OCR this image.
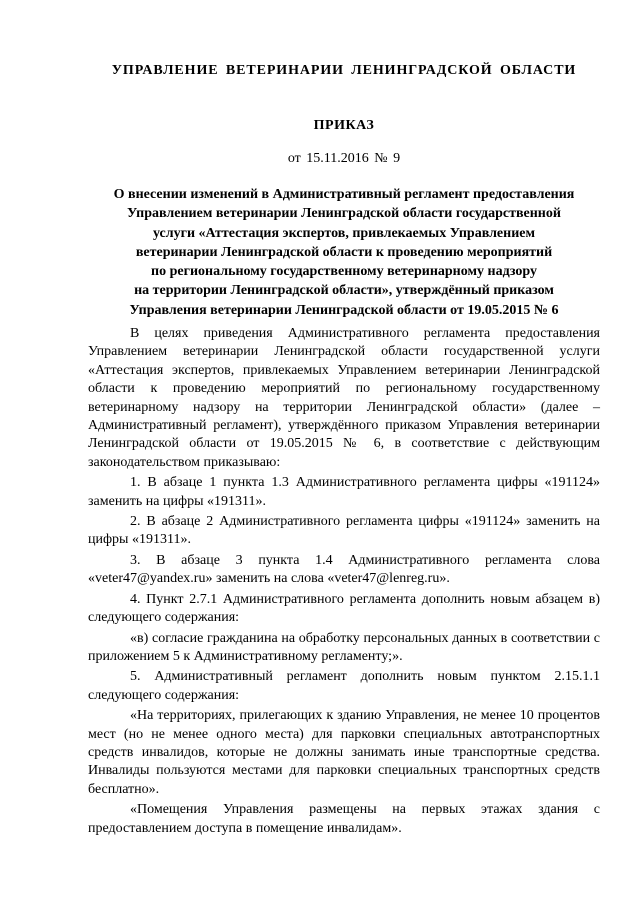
УПРАВЛЕНИЕ ВЕТЕРИНАРИИ ЛЕНИНГРАДСКОЙ ОБЛАСТИ
ПРИКАЗ
от 15.11.2016 № 9
О внесении изменений в Административный регламент предоставления
Управлением ветеринарии Ленинградской области государственной
услуги «Аттестация экспертов, привлекаемых Управлением
ветеринарии Ленинградской области к проведению мероприятий
по региональному государственному ветеринарному надзору
на территории Ленинградской области», утверждённый приказом
Управления ветеринарии Ленинградской области от 19.05.2015 № 6

В целях приведения Административного регламента предоставления Управлением ветеринарии Ленинградской области государственной услуги «Аттестация экспертов, привлекаемых Управлением ветеринарии Ленинградской области к проведению мероприятий по региональному государственному ветеринарному надзору на территории Ленинградской области» (далее – Административный регламент), утверждённого приказом Управления ветеринарии Ленинградской области от 19.05.2015 № 6, в соответствие с действующим законодательством приказываю:

1. В абзаце 1 пункта 1.3 Административного регламента цифры «191124» заменить на цифры «191311».

2. В абзаце 2 Административного регламента цифры «191124» заменить на цифры «191311».

3. В абзаце 3 пункта 1.4 Административного регламента слова «veter47@yandex.ru» заменить на слова «veter47@lenreg.ru».

4. Пункт 2.7.1 Административного регламента дополнить новым абзацем в) следующего содержания:

«в) согласие гражданина на обработку персональных данных в соответствии с приложением 5 к Административному регламенту;».

5. Административный регламент дополнить новым пунктом 2.15.1.1 следующего содержания:

«На территориях, прилегающих к зданию Управления, не менее 10 процентов мест (но не менее одного места) для парковки специальных автотранспортных средств инвалидов, которые не должны занимать иные транспортные средства. Инвалиды пользуются местами для парковки специальных транспортных средств бесплатно».

«Помещения Управления размещены на первых этажах здания с предоставлением доступа в помещение инвалидам».
